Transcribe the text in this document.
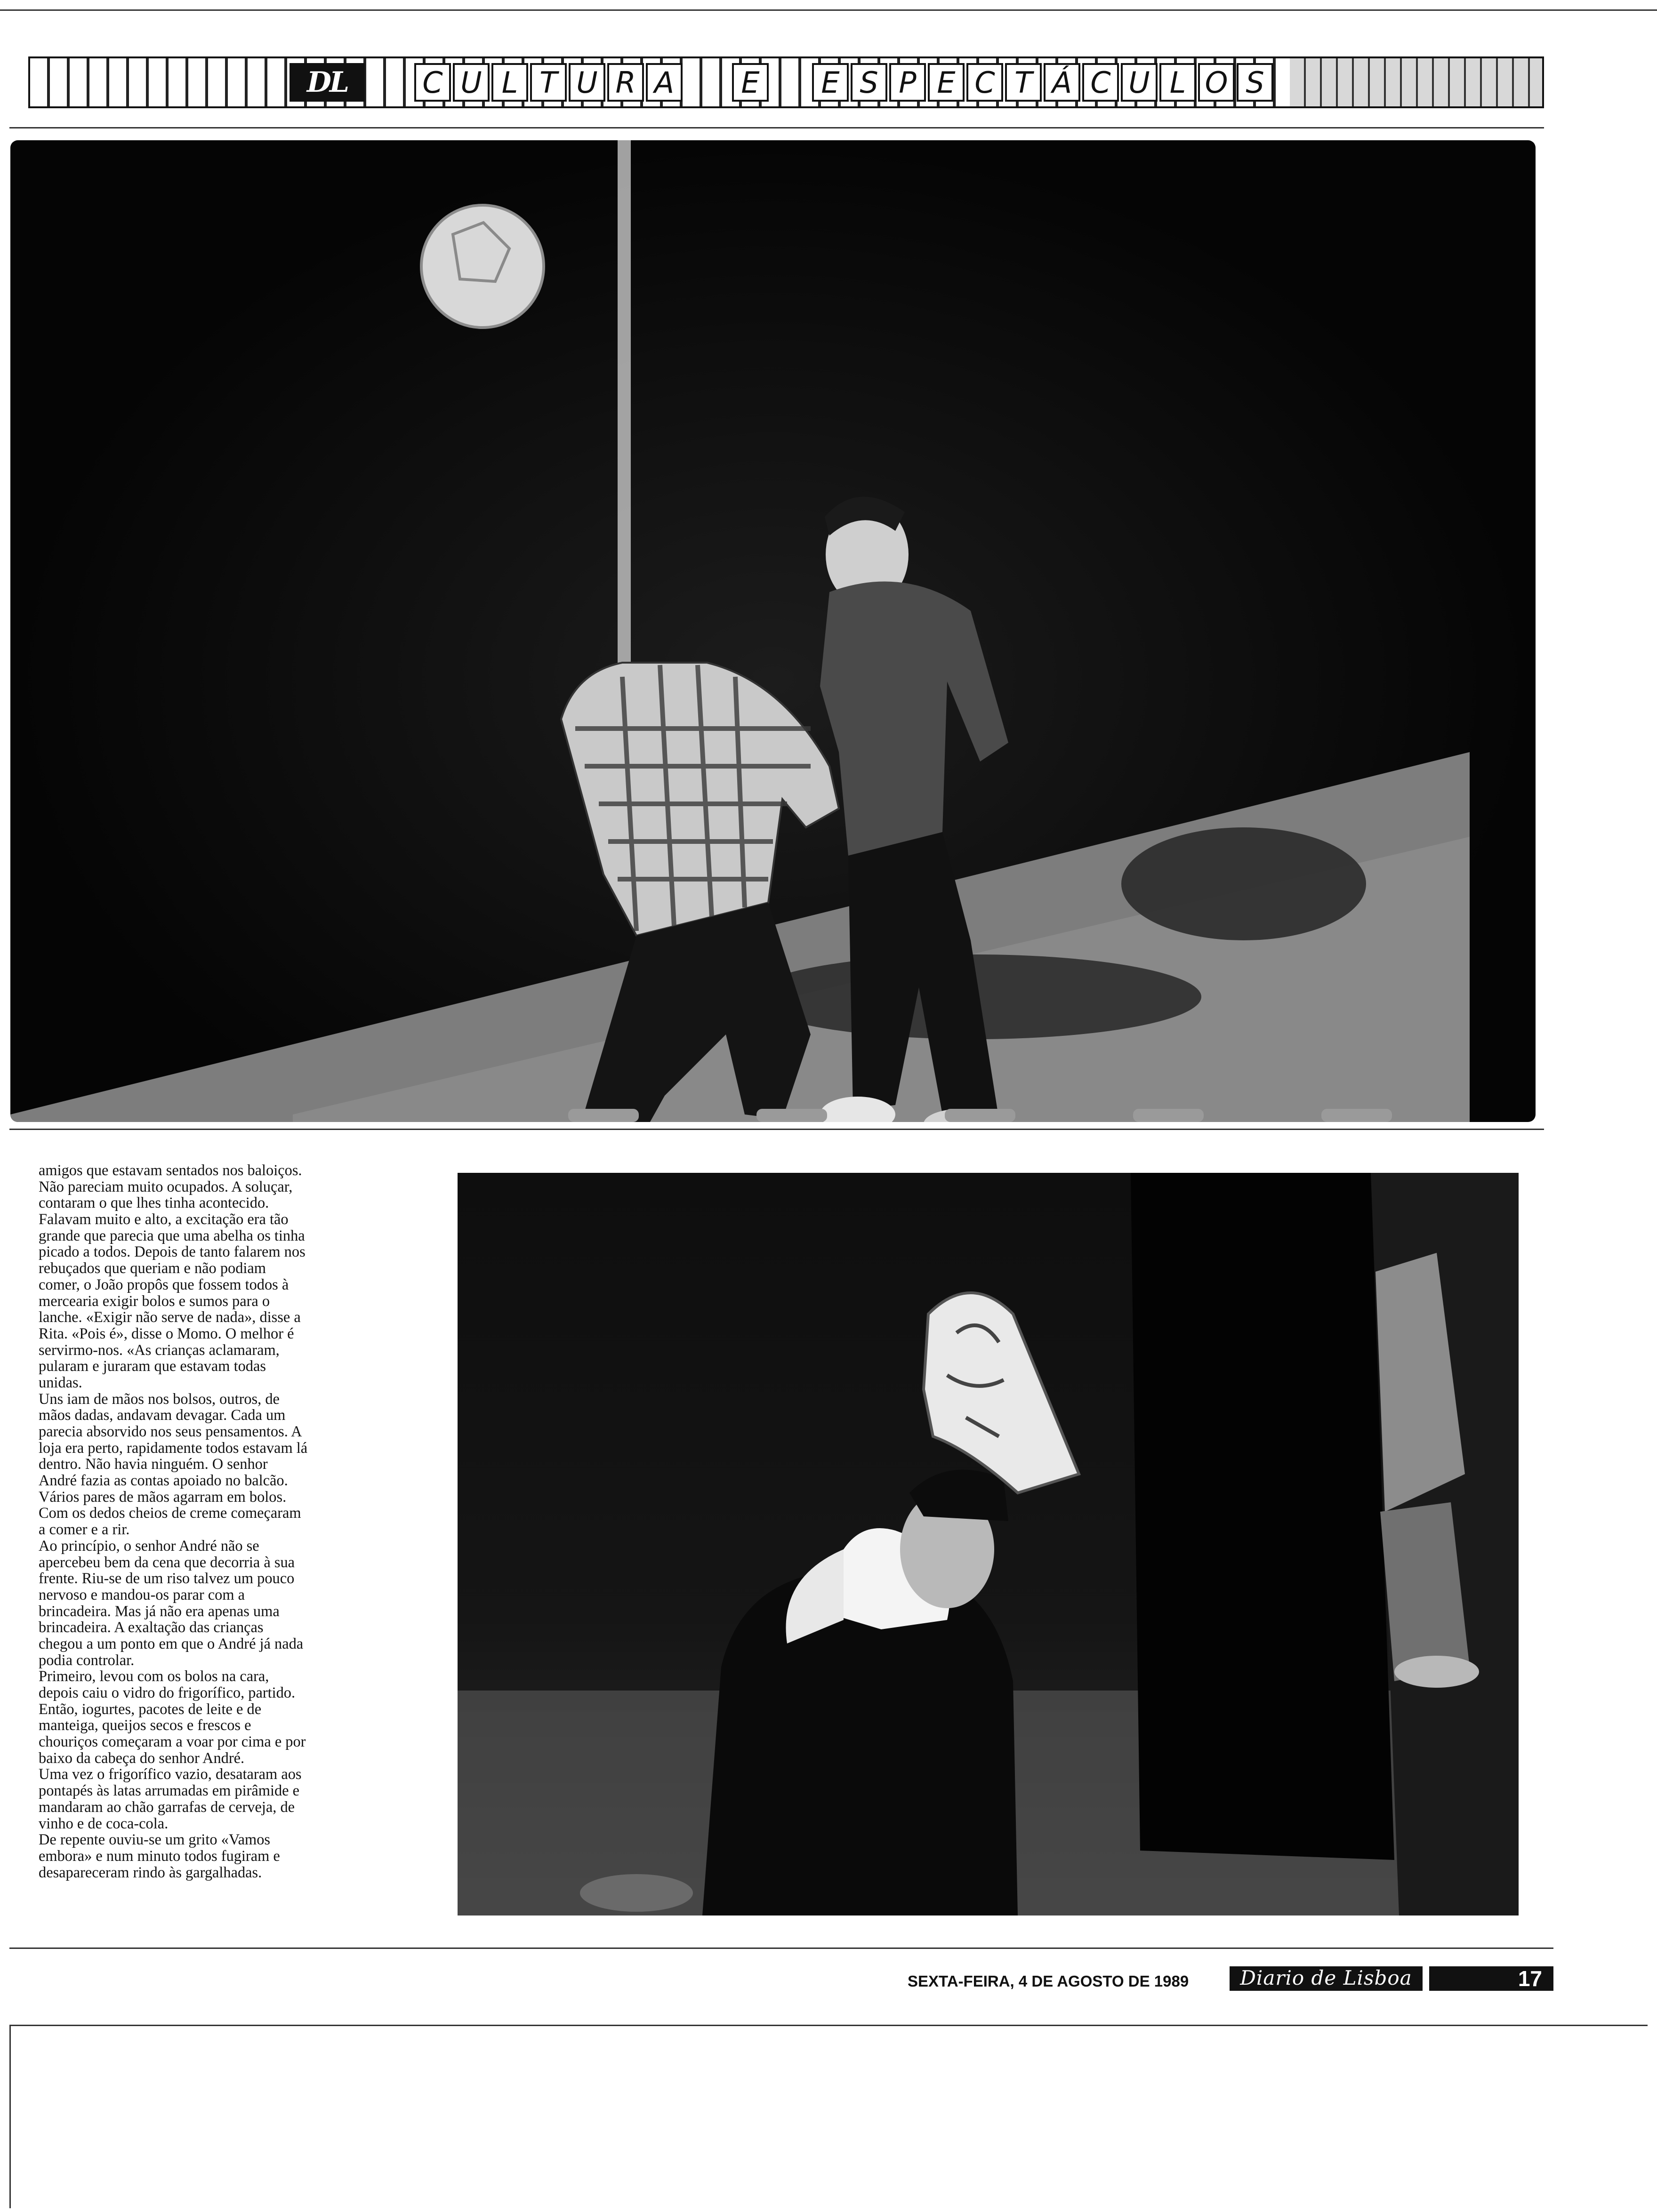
DL	C U L T U R A	E	E S P E C T Á C U L O S
amigos que estavam sentados nos baloiços.
Não pareciam muito ocupados. A soluçar,
contaram o que lhes tinha acontecido.
Falavam muito e alto, a excitação era tão
grande que parecia que uma abelha os tinha
picado a todos. Depois de tanto falarem nos
rebuçados que queriam e não podiam
comer, o João propôs que fossem todos à
mercearia exigir bolos e sumos para o
lanche. «Exigir não serve de nada», disse a
Rita. «Pois é», disse o Momo. O melhor é
servirmo-nos. «As crianças aclamaram,
pularam e juraram que estavam todas
unidas.
Uns iam de mãos nos bolsos, outros, de
mãos dadas, andavam devagar. Cada um
parecia absorvido nos seus pensamentos. A
loja era perto, rapidamente todos estavam lá
dentro. Não havia ninguém. O senhor
André fazia as contas apoiado no balcão.
Vários pares de mãos agarram em bolos.
Com os dedos cheios de creme começaram
a comer e a rir.
Ao princípio, o senhor André não se
apercebeu bem da cena que decorria à sua
frente. Riu-se de um riso talvez um pouco
nervoso e mandou-os parar com a
brincadeira. Mas já não era apenas uma
brincadeira. A exaltação das crianças
chegou a um ponto em que o André já nada
podia controlar.
Primeiro, levou com os bolos na cara,
depois caiu o vidro do frigorífico, partido.
Então, iogurtes, pacotes de leite e de
manteiga, queijos secos e frescos e
chouriços começaram a voar por cima e por
baixo da cabeça do senhor André.
Uma vez o frigorífico vazio, desataram aos
pontapés às latas arrumadas em pirâmide e
mandaram ao chão garrafas de cerveja, de
vinho e de coca-cola.
De repente ouviu-se um grito «Vamos
embora» e num minuto todos fugiram e
desapareceram rindo às gargalhadas.
SEXTA-FEIRA, 4 DE AGOSTO DE 1989	Diario de Lisboa	17
